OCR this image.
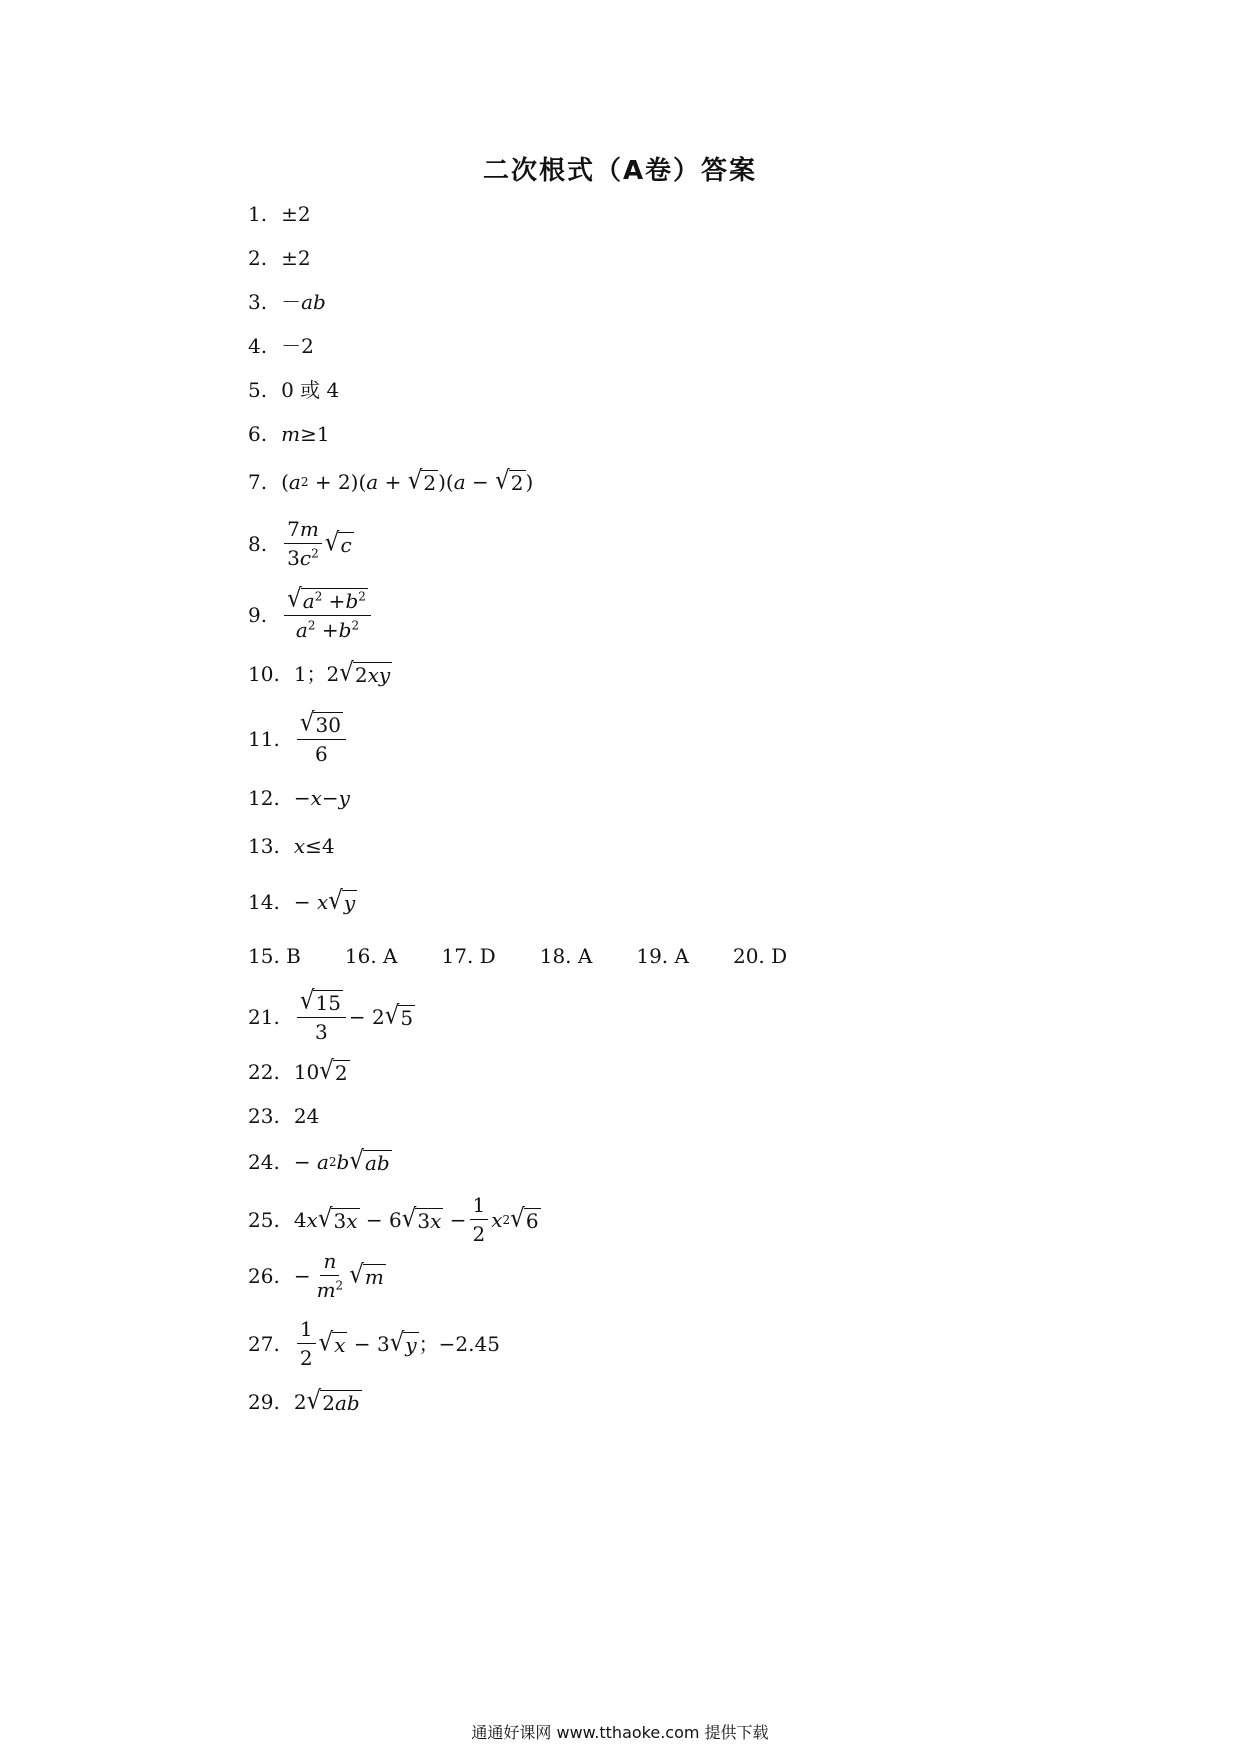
二次根式（A卷）答案
1. ±2
2. ±2
3. － ab
4. －2
5. 0 或 4
6. m ≥1
7. ( a 2 + 2)( a + √ 2 )( a − √ 2 )
8. $\frac{7m}{3c^2}$ √ c
9. $\frac{√ a^2 +b^2}{a^2 +b^2}$
10. 1；2 √ 2xy
11. $\frac{√ 30}{6}$
12. − x − y
13. x ≤4
14. − x √ y
15. B 16. A 17. D 18. A 19. A 20. D
21. $\frac{√ 15}{3} - 2$ √ 5
22. 10 √ 2
23. 24
24. − a 2 b √ ab
25. 4 x √ 3x − 6 √ $3x - \frac{1}{2}$ x 2 √ 6
26. − $\frac{n}{m^2}$ √ m
27. $\frac{1}{2}$ √ x − 3 √ y ；−2.45
29. 2 √ 2ab
通通好课网 www.tthaoke.com 提供下载
